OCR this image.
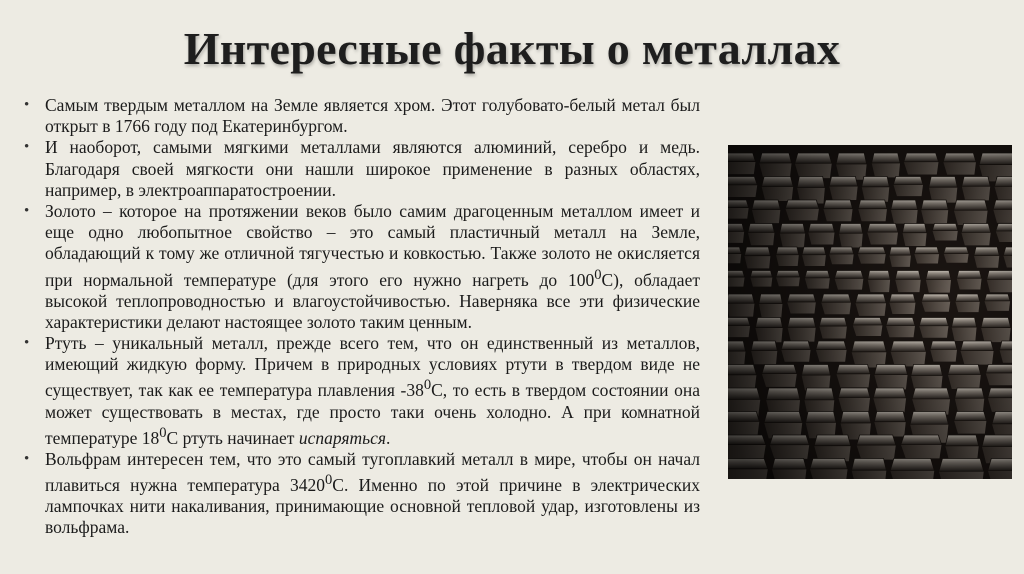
Интересные факты о металлах
• Самым твердым металлом на Земле является хром. Этот голубовато-белый метал был открыт в 1766 году под Екатеринбургом.
• И наоборот, самыми мягкими металлами являются алюминий, серебро и медь. Благодаря своей мягкости они нашли широкое применение в разных областях, например, в электроаппаратостроении.
• Золото – которое на протяжении веков было самим драгоценным металлом имеет и еще одно любопытное свойство – это самый пластичный металл на Земле, обладающий к тому же отличной тягучестью и ковкостью. Также золото не окисляется при нормальной температуре (для этого его нужно нагреть до $100^0С$), обладает высокой теплопроводностью и влагоустойчивостью. Наверняка все эти физические характеристики делают настоящее золото таким ценным.
• Ртуть – уникальный металл, прежде всего тем, что он единственный из металлов, имеющий жидкую форму. Причем в природных условиях ртути в твердом виде не существует, так как ее температура плавления $-38^0С$, то есть в твердом состоянии она может существовать в местах, где просто таки очень холодно. А при комнатной температуре $18^0С$ ртуть начинает испаряться.
• Вольфрам интересен тем, что это самый тугоплавкий металл в мире, чтобы он начал плавиться нужна температура 3420$^0$С. Именно по этой причине в электрических лампочках нити накаливания, принимающие основной тепловой удар, изготовлены из вольфрама.
